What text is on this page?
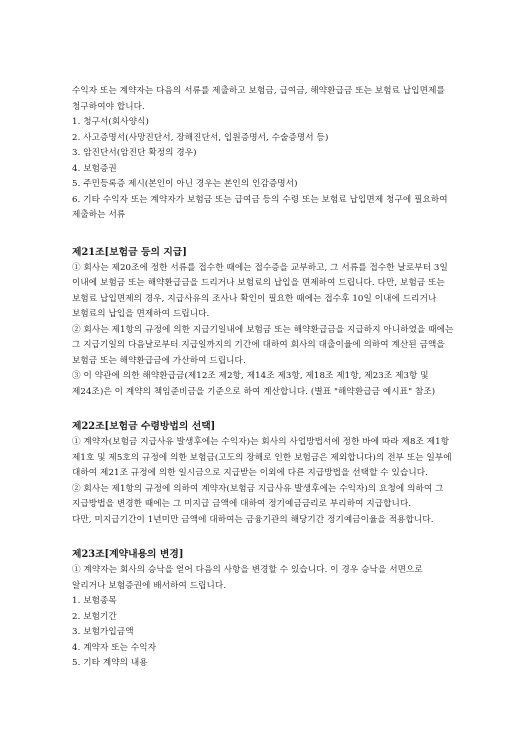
수익자 또는 계약자는 다음의 서류를 제출하고 보험금, 급여금, 해약환급금 또는 보험료 납입면제를 청구하여야 합니다.

1. 청구서(회사양식)

2. 사고증명서(사망진단서, 장해진단서, 입원증명서, 수술증명서 등)

3. 암진단서(암진단 확정의 경우)

4. 보험증권

5. 주민등록증 제시(본인이 아닌 경우는 본인의 인감증명서)

6. 기타 수익자 또는 계약자가 보험금 또는 급여금 등의 수령 또는 보험료 납입면제 청구에 필요하여 제출하는 서류

제21조[보험금 등의 지급]

① 회사는 제20조에 정한 서류를 접수한 때에는 접수증을 교부하고, 그 서류를 접수한 날로부터 3일 이내에 보험금 또는 해약환급금을 드리거나 보험료의 납입을 면제하여 드립니다. 다만, 보험금 또는 보험료 납입면제의 경우, 지급사유의 조사나 확인이 필요한 때에는 접수후 10일 이내에 드리거나 보험료의 납입을 면제하여 드립니다.

② 회사는 제1항의 규정에 의한 지급기일내에 보험금 또는 해약환급금을 지급하지 아니하였을 때에는 그 지급기일의 다음날로부터 지급일까지의 기간에 대하여 회사의 대출이율에 의하여 계산된 금액을 보험금 또는 해약환급금에 가산하여 드립니다.

③ 이 약관에 의한 해약환급금(제12조 제2항, 제14조 제3항, 제18조 제1항, 제23조 제3항 및 제24조)은 이 계약의 책임준비금을 기준으로 하여 계산합니다. (별표 "해약환급금 예시표" 참조)

제22조[보험금 수령방법의 선택]

① 계약자(보험금 지급사유 발생후에는 수익자)는 회사의 사업방법서에 정한 바에 따라 제8조 제1항 제1호 및 제5호의 규정에 의한 보험금(고도의 장해로 인한 보험금은 제외합니다)의 전부 또는 일부에 대하여 제21조 규정에 의한 일시금으로 지급받는 이외에 다른 지급방법을 선택할 수 있습니다.

② 회사는 제1항의 규정에 의하여 계약자(보험금 지급사유 발생후에는 수익자)의 요청에 의하여 그 지급방법을 변경한 때에는 그 미지급 금액에 대하여 정기예금금리로 부리하여 지급합니다.

다만, 미지급기간이 1년미만 금액에 대하여는 금융기관의 해당기간 정기예금이율을 적용합니다.

제23조[계약내용의 변경]

① 계약자는 회사의 승낙을 얻어 다음의 사항을 변경할 수 있습니다. 이 경우 승낙을 서면으로 알리거나 보험증권에 배서하여 드립니다.

1. 보험종목

2. 보험기간

3. 보험가입금액

4. 계약자 또는 수익자

5. 기타 계약의 내용
